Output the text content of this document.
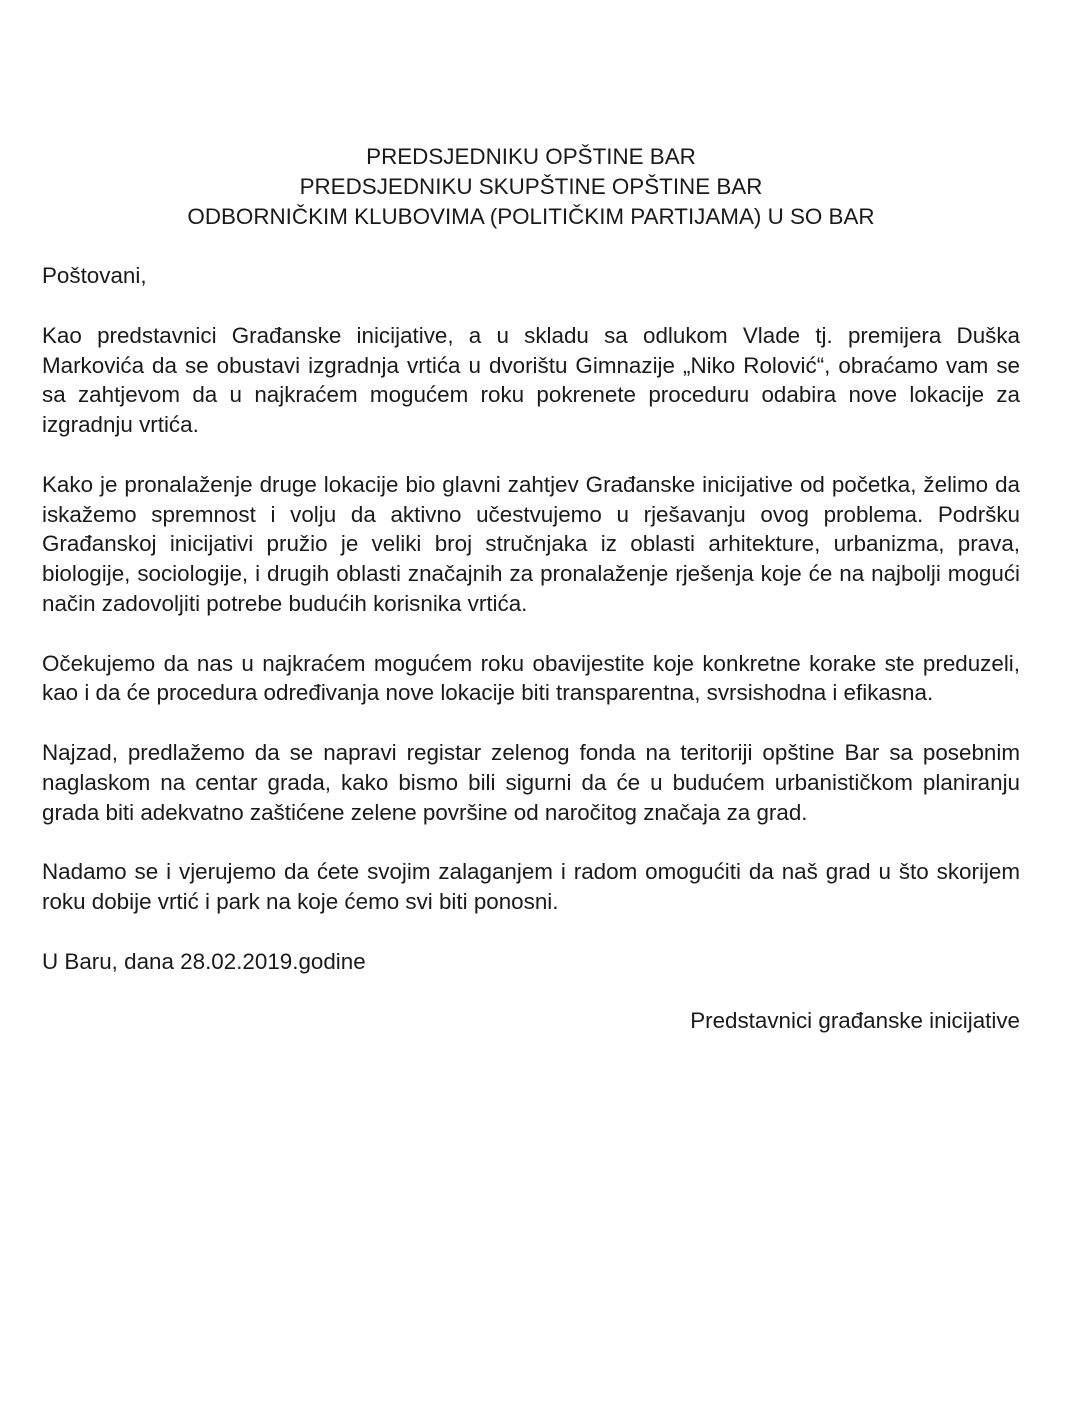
PREDSJEDNIKU OPŠTINE BAR
PREDSJEDNIKU SKUPŠTINE OPŠTINE BAR
ODBORNIČKIM KLUBOVIMA (POLITIČKIM PARTIJAMA) U SO BAR
Poštovani,

Kao predstavnici Građanske inicijative, a u skladu sa odlukom Vlade tj. premijera Duška Markovića da se obustavi izgradnja vrtića u dvorištu Gimnazije „Niko Rolović“, obraćamo vam se sa zahtjevom da u najkraćem mogućem roku pokrenete proceduru odabira nove lokacije za izgradnju vrtića.

Kako je pronalaženje druge lokacije bio glavni zahtjev Građanske inicijative od početka, želimo da iskažemo spremnost i volju da aktivno učestvujemo u rješavanju ovog problema. Podršku Građanskoj inicijativi pružio je veliki broj stručnjaka iz oblasti arhitekture, urbanizma, prava, biologije, sociologije, i drugih oblasti značajnih za pronalaženje rješenja koje će na najbolji mogući način zadovoljiti potrebe budućih korisnika vrtića.

Očekujemo da nas u najkraćem mogućem roku obavijestite koje konkretne korake ste preduzeli, kao i da će procedura određivanja nove lokacije biti transparentna, svrsishodna i efikasna.

Najzad, predlažemo da se napravi registar zelenog fonda na teritoriji opštine Bar sa posebnim naglaskom na centar grada, kako bismo bili sigurni da će u budućem urbanističkom planiranju grada biti adekvatno zaštićene zelene površine od naročitog značaja za grad.

Nadamo se i vjerujemo da ćete svojim zalaganjem i radom omogućiti da naš grad u što skorijem roku dobije vrtić i park na koje ćemo svi biti ponosni.

U Baru, dana 28.02.2019.godine
Predstavnici građanske inicijative
